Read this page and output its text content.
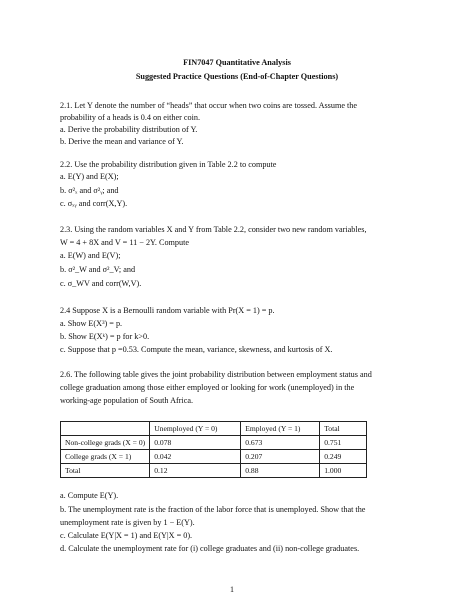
FIN7047 Quantitative Analysis
Suggested Practice Questions (End-of-Chapter Questions)
2.1. Let Y denote the number of “heads” that occur when two coins are tossed. Assume the
probability of a heads is 0.4 on either coin.
a. Derive the probability distribution of Y.
b. Derive the mean and variance of Y.
2.2. Use the probability distribution given in Table 2.2 to compute
a. E(Y) and E(X);
b. σ²ₓ and σ²ᵧ; and
c. σₓᵧ and corr(X,Y).
2.3. Using the random variables X and Y from Table 2.2, consider two new random variables,
W = 4 + 8X and V = 11 − 2Y. Compute
a. E(W) and E(V);
b. σ²_W and σ²_V; and
c. σ_WV and corr(W,V).
2.4 Suppose X is a Bernoulli random variable with Pr(X = 1) = p.
a. Show E(X³) = p.
b. Show E(Xᵏ) = p for k>0.
c. Suppose that p =0.53. Compute the mean, variance, skewness, and kurtosis of X.
2.6. The following table gives the joint probability distribution between employment status and
college graduation among those either employed or looking for work (unemployed) in the
working-age population of South Africa.
	Unemployed (Y = 0)	Employed (Y = 1)	Total
Non-college grads (X = 0)	0.078	0.673	0.751
College grads (X = 1)	0.042	0.207	0.249
Total	0.12	0.88	1.000
a. Compute E(Y).
b. The unemployment rate is the fraction of the labor force that is unemployed. Show that the
unemployment rate is given by 1 − E(Y).
c. Calculate E(Y|X = 1) and E(Y|X = 0).
d. Calculate the unemployment rate for (i) college graduates and (ii) non-college graduates.
1
